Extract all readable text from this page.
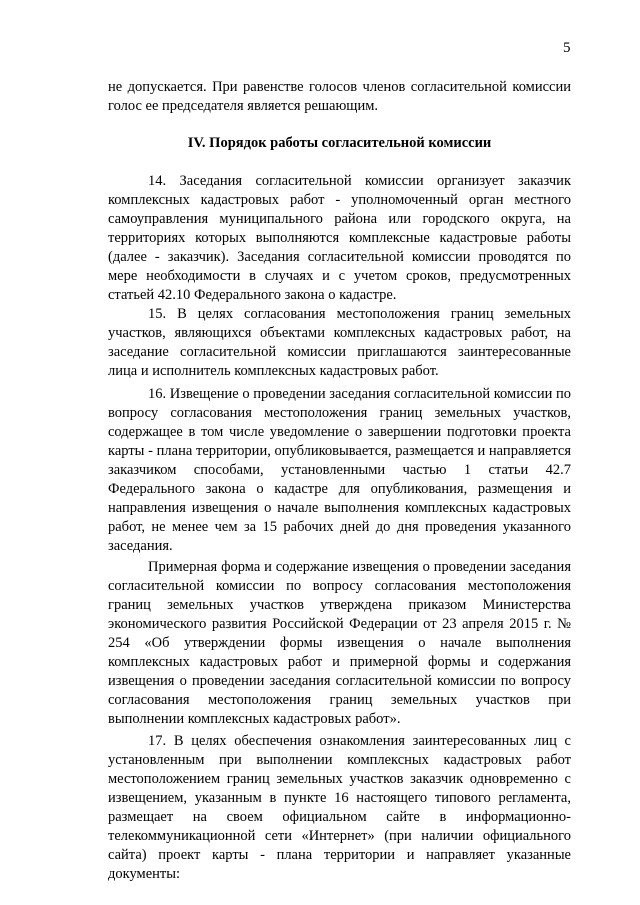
5

не допускается. При равенстве голосов членов согласительной комиссии голос ее председателя является решающим.

IV. Порядок работы согласительной комиссии

14. Заседания согласительной комиссии организует заказчик комплексных кадастровых работ - уполномоченный орган местного самоуправления муниципального района или городского округа, на территориях которых выполняются комплексные кадастровые работы (далее - заказчик). Заседания согласительной комиссии проводятся по мере необходимости в случаях и с учетом сроков, предусмотренных статьей 42.10 Федерального закона о кадастре.

15. В целях согласования местоположения границ земельных участков, являющихся объектами комплексных кадастровых работ, на заседание согласительной комиссии приглашаются заинтересованные лица и исполнитель комплексных кадастровых работ.

16. Извещение о проведении заседания согласительной комиссии по вопросу согласования местоположения границ земельных участков, содержащее в том числе уведомление о завершении подготовки проекта карты - плана территории, опубликовывается, размещается и направляется заказчиком способами, установленными частью 1 статьи 42.7 Федерального закона о кадастре для опубликования, размещения и направления извещения о начале выполнения комплексных кадастровых работ, не менее чем за 15 рабочих дней до дня проведения указанного заседания.

Примерная форма и содержание извещения о проведении заседания согласительной комиссии по вопросу согласования местоположения границ земельных участков утверждена приказом Министерства экономического развития Российской Федерации от 23 апреля 2015 г. № 254 «Об утверждении формы извещения о начале выполнения комплексных кадастровых работ и примерной формы и содержания извещения о проведении заседания согласительной комиссии по вопросу согласования местоположения границ земельных участков при выполнении комплексных кадастровых работ».

17. В целях обеспечения ознакомления заинтересованных лиц с установленным при выполнении комплексных кадастровых работ местоположением границ земельных участков заказчик одновременно с извещением, указанным в пункте 16 настоящего типового регламента, размещает на своем официальном сайте в информационно-телекоммуникационной сети «Интернет» (при наличии официального сайта) проект карты - плана территории и направляет указанные документы:
